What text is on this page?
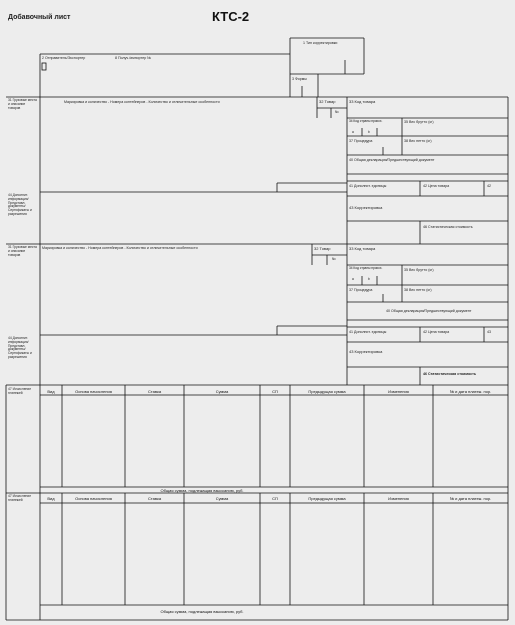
Добавочный лист	КТС-2
1 Тип корректировки
2 Отправитель/Экспортер	8 Получ./импортер №
3 Формы
31 Грузовые места и описание товаров
Маркировка и количество - Номера контейнеров - Количество и отличительные особенности	32 Товар
№
33 Код товара
34 Код страны происх.
а	b
35 Вес брутто (кг)
37 Процедура	38 Вес нетто (кг)
40 Общая декларация/Предшествующий документ
44 Дополнит. информация/ Представл. документы/ Сертификаты и разрешения
41 Дополнит. единицы	42 Цена товара	42
43 Корректировка
46 Статистическая стоимость
31 Грузовые места и описание товаров
Маркировка и количество - Номера контейнеров - Количество и отличительные особенности	32 Товар
№
33 Код товара
34 Код страны происх.
а	b
35 Вес брутто (кг)
37 Процедура	38 Вес нетто (кг)
40 Общая декларация/Предшествующий документ
44 Дополнит. информация/ Представл. документы/ Сертификаты и разрешения
41 Дополнит. единицы	42 Цена товара	43
43 Корректировка
46 Статистическая стоимость
47 Исчисление платежей	Вид	Основа начисления	Ставка	Сумма	СП	Предыдущая сумма	Изменения	№ и дата платеж. пор.
Общая сумма, подлежащая взысканию, руб.
47 Исчисление платежей	Вид	Основа начисления	Ставка	Сумма	СП	Предыдущая сумма	Изменения	№ и дата платеж. пор.
Общая сумма, подлежащая взысканию, руб.
